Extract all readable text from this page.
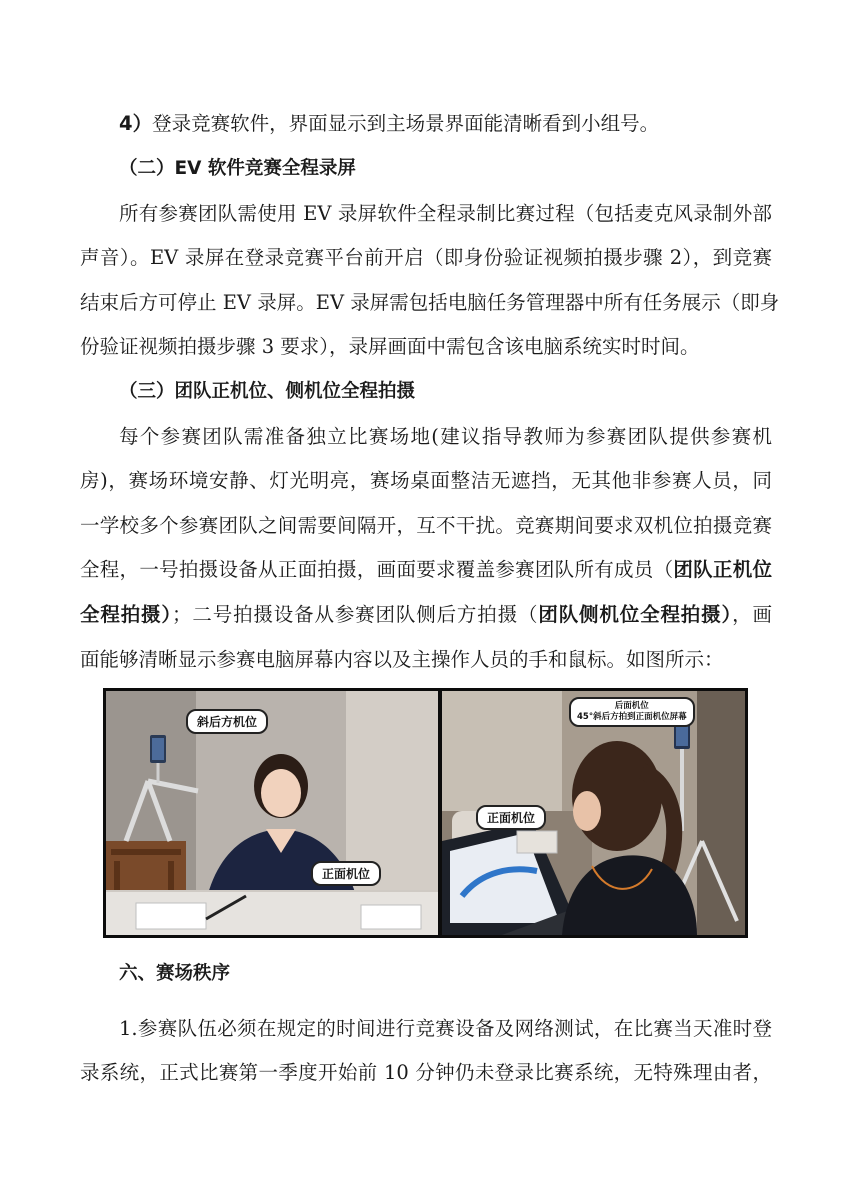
4）登录竞赛软件，界面显示到主场景界面能清晰看到小组号。
（二）EV 软件竞赛全程录屏
所有参赛团队需使用 EV 录屏软件全程录制比赛过程（包括麦克风录制外部
声音）。EV 录屏在登录竞赛平台前开启（即身份验证视频拍摄步骤 2），到竞赛
结束后方可停止 EV 录屏。EV 录屏需包括电脑任务管理器中所有任务展示（即身
份验证视频拍摄步骤 3 要求），录屏画面中需包含该电脑系统实时时间。
（三）团队正机位、侧机位全程拍摄
每个参赛团队需准备独立比赛场地(建议指导教师为参赛团队提供参赛机
房)，赛场环境安静、灯光明亮，赛场桌面整洁无遮挡，无其他非参赛人员，同
一学校多个参赛团队之间需要间隔开，互不干扰。竞赛期间要求双机位拍摄竞赛
全程，一号拍摄设备从正面拍摄，画面要求覆盖参赛团队所有成员（团队正机位
全程拍摄）；二号拍摄设备从参赛团队侧后方拍摄（团队侧机位全程拍摄），画
面能够清晰显示参赛电脑屏幕内容以及主操作人员的手和鼠标。如图所示：
斜后方机位
正面机位
后面机位
45°斜后方拍到正面机位屏幕
正面机位
六、赛场秩序
1.参赛队伍必须在规定的时间进行竞赛设备及网络测试，在比赛当天准时登
录系统，正式比赛第一季度开始前 10 分钟仍未登录比赛系统，无特殊理由者，
